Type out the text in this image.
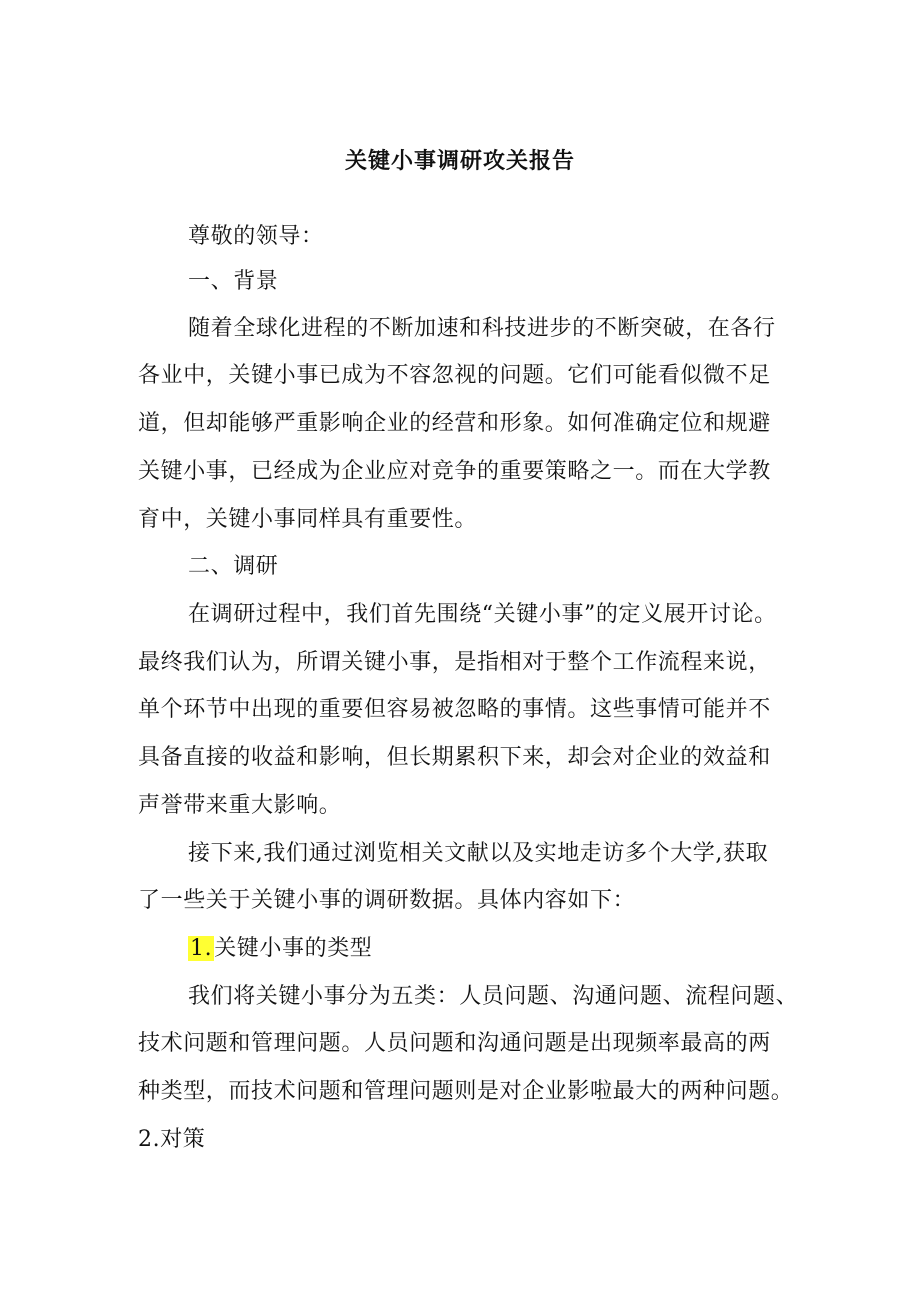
关键小事调研攻关报告
尊敬的领导：
一、背景
随着全球化进程的不断加速和科技进步的不断突破，在各行
各业中，关键小事已成为不容忽视的问题。它们可能看似微不足
道，但却能够严重影响企业的经营和形象。如何准确定位和规避
关键小事，已经成为企业应对竞争的重要策略之一。而在大学教
育中，关键小事同样具有重要性。
二、调研
在调研过程中，我们首先围绕“关键小事”的定义展开讨论。
最终我们认为，所谓关键小事，是指相对于整个工作流程来说，
单个环节中出现的重要但容易被忽略的事情。这些事情可能并不
具备直接的收益和影响，但长期累积下来，却会对企业的效益和
声誉带来重大影响。
接下来,我们通过浏览相关文献以及实地走访多个大学,获取
了一些关于关键小事的调研数据。具体内容如下：
1.关键小事的类型
我们将关键小事分为五类：人员问题、沟通问题、流程问题、
技术问题和管理问题。人员问题和沟通问题是出现频率最高的两
种类型，而技术问题和管理问题则是对企业影啦最大的两种问题。
2.对策
